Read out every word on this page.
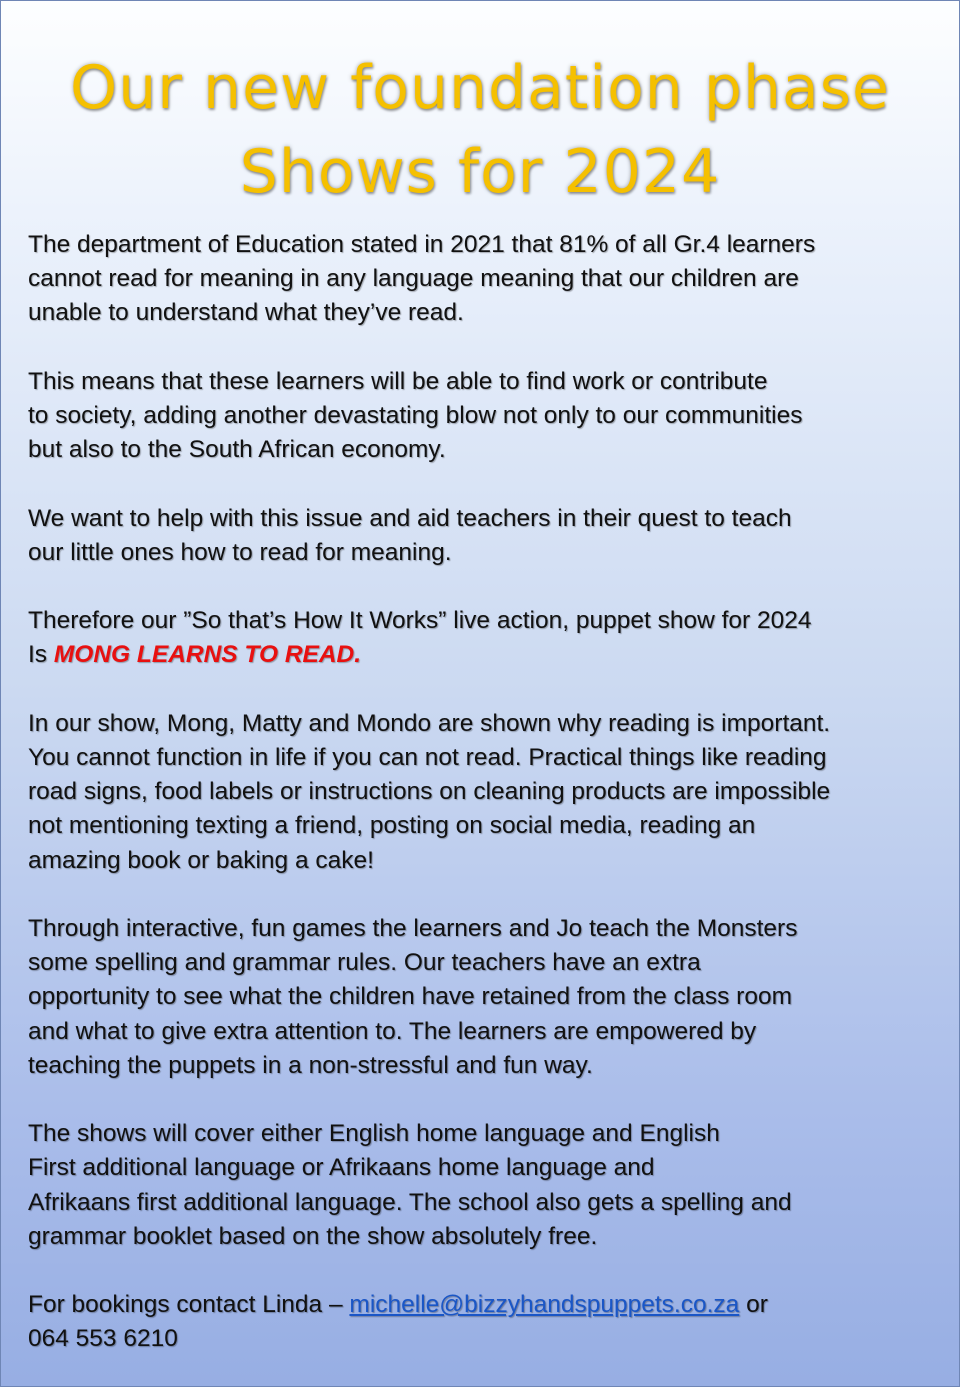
Our new foundation phase
Shows for 2024

The department of Education stated in 2021 that 81% of all Gr.4 learners
cannot read for meaning in any language meaning that our children are
unable to understand what they’ve read.

This means that these learners will be able to find work or contribute
to society, adding another devastating blow not only to our communities
but also to the South African economy.

We want to help with this issue and aid teachers in their quest to teach
our little ones how to read for meaning.

Therefore our ”So that’s How It Works” live action, puppet show for 2024
Is MONG LEARNS TO READ.

In our show, Mong, Matty and Mondo are shown why reading is important.
You cannot function in life if you can not read. Practical things like reading
road signs, food labels or instructions on cleaning products are impossible
not mentioning texting a friend, posting on social media, reading an
amazing book or baking a cake!

Through interactive, fun games the learners and Jo teach the Monsters
some spelling and grammar rules. Our teachers have an extra
opportunity to see what the children have retained from the class room
and what to give extra attention to. The learners are empowered by
teaching the puppets in a non-stressful and fun way.

The shows will cover either English home language and English
First additional language or Afrikaans home language and
Afrikaans first additional language. The school also gets a spelling and
grammar booklet based on the show absolutely free.

For bookings contact Linda – michelle@bizzyhandspuppets.co.za or
064 553 6210
